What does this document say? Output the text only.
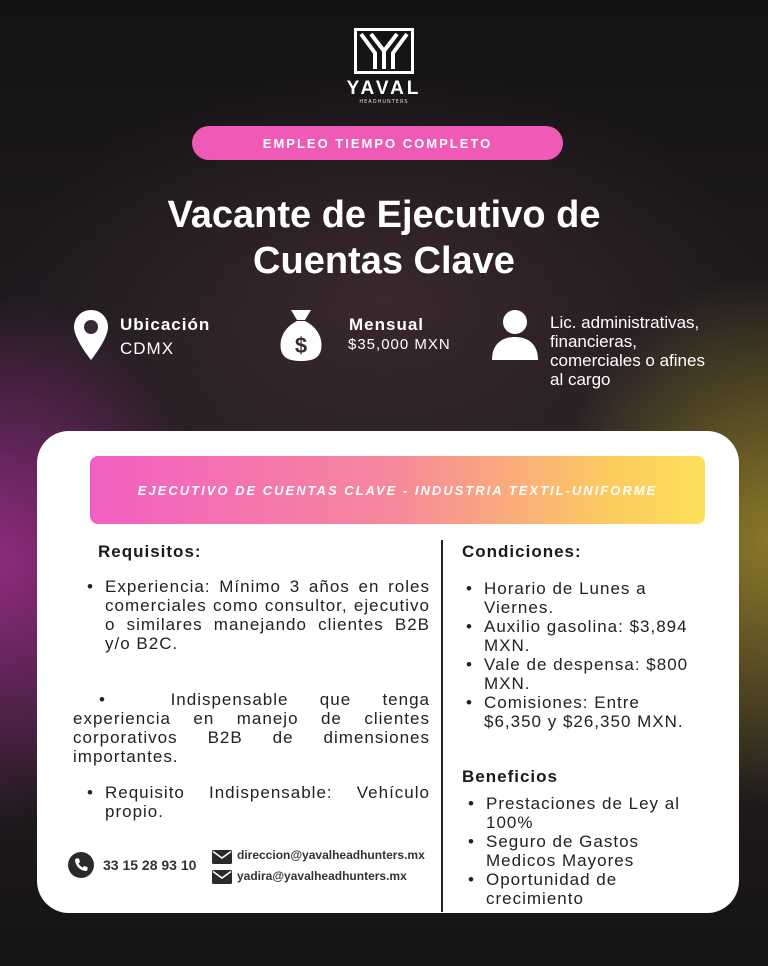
YAVAL
HEADHUNTERS
EMPLEO TIEMPO COMPLETO
Vacante de Ejecutivo de
Cuentas Clave
Ubicación
CDMX	$
Mensual
$35,000 MXN
Lic. administrativas,
financieras,
comerciales o afines
al cargo
EJECUTIVO DE CUENTAS CLAVE - INDUSTRIA TEXTIL-UNIFORME
Requisitos:
• Experiencia: Mínimo 3 años en roles comerciales como consultor, ejecutivo o similares manejando clientes B2B y/o B2C.
•  Indispensable que tenga experiencia en manejo de clientes corporativos B2B de dimensiones importantes.
• Requisito Indispensable: Vehículo propio.
Condiciones:
• Horario de Lunes a Viernes.
• Auxilio gasolina: $3,894 MXN.
• Vale de despensa: $800 MXN.
• Comisiones: Entre $6,350 y $26,350 MXN.
Beneficios
• Prestaciones de Ley al 100%
• Seguro de Gastos Medicos Mayores
• Oportunidad de crecimiento
33 15 28 93 10
direccion@yavalheadhunters.mx
yadira@yavalheadhunters.mx
